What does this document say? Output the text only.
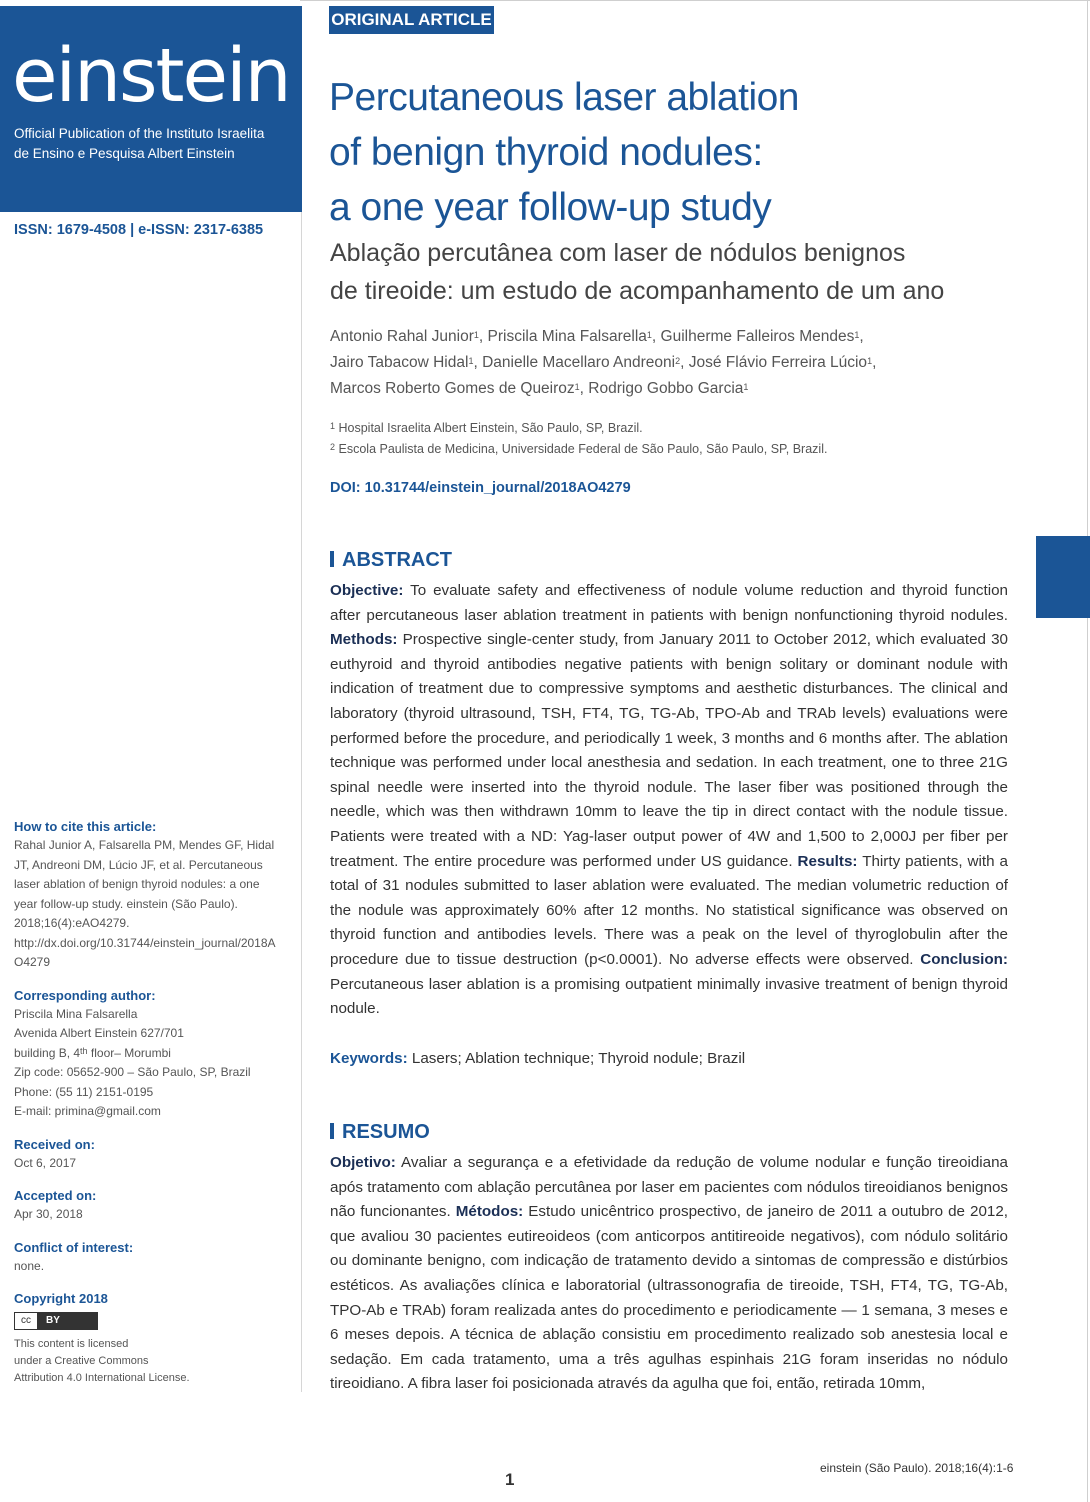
einstein
Official Publication of the Instituto Israelita
de Ensino e Pesquisa Albert Einstein
ISSN: 1679-4508 | e-ISSN: 2317-6385
ORIGINAL ARTICLE
Percutaneous laser ablation
of benign thyroid nodules:
a one year follow-up study
Ablação percutânea com laser de nódulos benignos
de tireoide: um estudo de acompanhamento de um ano
Antonio Rahal Junior$^1$, Priscila Mina Falsarella$^1$, Guilherme Falleiros Mendes$^1$,
Jairo Tabacow Hidal$^1$, Danielle Macellaro Andreoni$^2$, José Flávio Ferreira Lúcio$^1$,
Marcos Roberto Gomes de Queiroz$^1$, Rodrigo Gobbo Garcia$^1$
$^1$ Hospital Israelita Albert Einstein, São Paulo, SP, Brazil.
$^2$ Escola Paulista de Medicina, Universidade Federal de São Paulo, São Paulo, SP, Brazil.
DOI: 10.31744/einstein_journal/2018AO4279
ABSTRACT
Objective: To evaluate safety and effectiveness of nodule volume reduction and thyroid function after percutaneous laser ablation treatment in patients with benign nonfunctioning thyroid nodules. Methods: Prospective single-center study, from January 2011 to October 2012, which evaluated 30 euthyroid and thyroid antibodies negative patients with benign solitary or dominant nodule with indication of treatment due to compressive symptoms and aesthetic disturbances. The clinical and laboratory (thyroid ultrasound, TSH, FT4, TG, TG-Ab, TPO-Ab and TRAb levels) evaluations were performed before the procedure, and periodically 1 week, 3 months and 6 months after. The ablation technique was performed under local anesthesia and sedation. In each treatment, one to three 21G spinal needle were inserted into the thyroid nodule. The laser fiber was positioned through the needle, which was then withdrawn 10mm to leave the tip in direct contact with the nodule tissue. Patients were treated with a ND: Yag-laser output power of 4W and 1,500 to 2,000J per fiber per treatment. The entire procedure was performed under US guidance. Results: Thirty patients, with a total of 31 nodules submitted to laser ablation were evaluated. The median volumetric reduction of the nodule was approximately 60% after 12 months. No statistical significance was observed on thyroid function and antibodies levels. There was a peak on the level of thyroglobulin after the procedure due to tissue destruction (p<0.0001). No adverse effects were observed. Conclusion: Percutaneous laser ablation is a promising outpatient minimally invasive treatment of benign thyroid nodule.
Keywords: Lasers; Ablation technique; Thyroid nodule; Brazil
RESUMO
Objetivo: Avaliar a segurança e a efetividade da redução de volume nodular e função tireoidiana após tratamento com ablação percutânea por laser em pacientes com nódulos tireoidianos benignos não funcionantes. Métodos: Estudo unicêntrico prospectivo, de janeiro de 2011 a outubro de 2012, que avaliou 30 pacientes eutireoideos (com anticorpos antitireoide negativos), com nódulo solitário ou dominante benigno, com indicação de tratamento devido a sintomas de compressão e distúrbios estéticos. As avaliações clínica e laboratorial (ultrassonografia de tireoide, TSH, FT4, TG, TG-Ab, TPO-Ab e TRAb) foram realizada antes do procedimento e periodicamente — 1 semana, 3 meses e 6 meses depois. A técnica de ablação consistiu em procedimento realizado sob anestesia local e sedação. Em cada tratamento, uma a três agulhas espinhais 21G foram inseridas no nódulo tireoidiano. A fibra laser foi posicionada através da agulha que foi, então, retirada 10mm,
How to cite this article:
Rahal Junior A, Falsarella PM, Mendes GF, Hidal JT, Andreoni DM, Lúcio JF, et al. Percutaneous laser ablation of benign thyroid nodules: a one year follow-up study. einstein (São Paulo). 2018;16(4):eAO4279. http://dx.doi.org/10.31744/einstein_journal/2018AO4279
Corresponding author:
Priscila Mina Falsarella
Avenida Albert Einstein 627/701
building B, 4th floor– Morumbi
Zip code: 05652-900 – São Paulo, SP, Brazil
Phone: (55 11) 2151-0195
E-mail: primina@gmail.com
Received on:
Oct 6, 2017
Accepted on:
Apr 30, 2018
Conflict of interest:
none.
Copyright 2018
cc BY
This content is licensed
under a Creative Commons
Attribution 4.0 International License.
1
einstein (São Paulo). 2018;16(4):1-6
